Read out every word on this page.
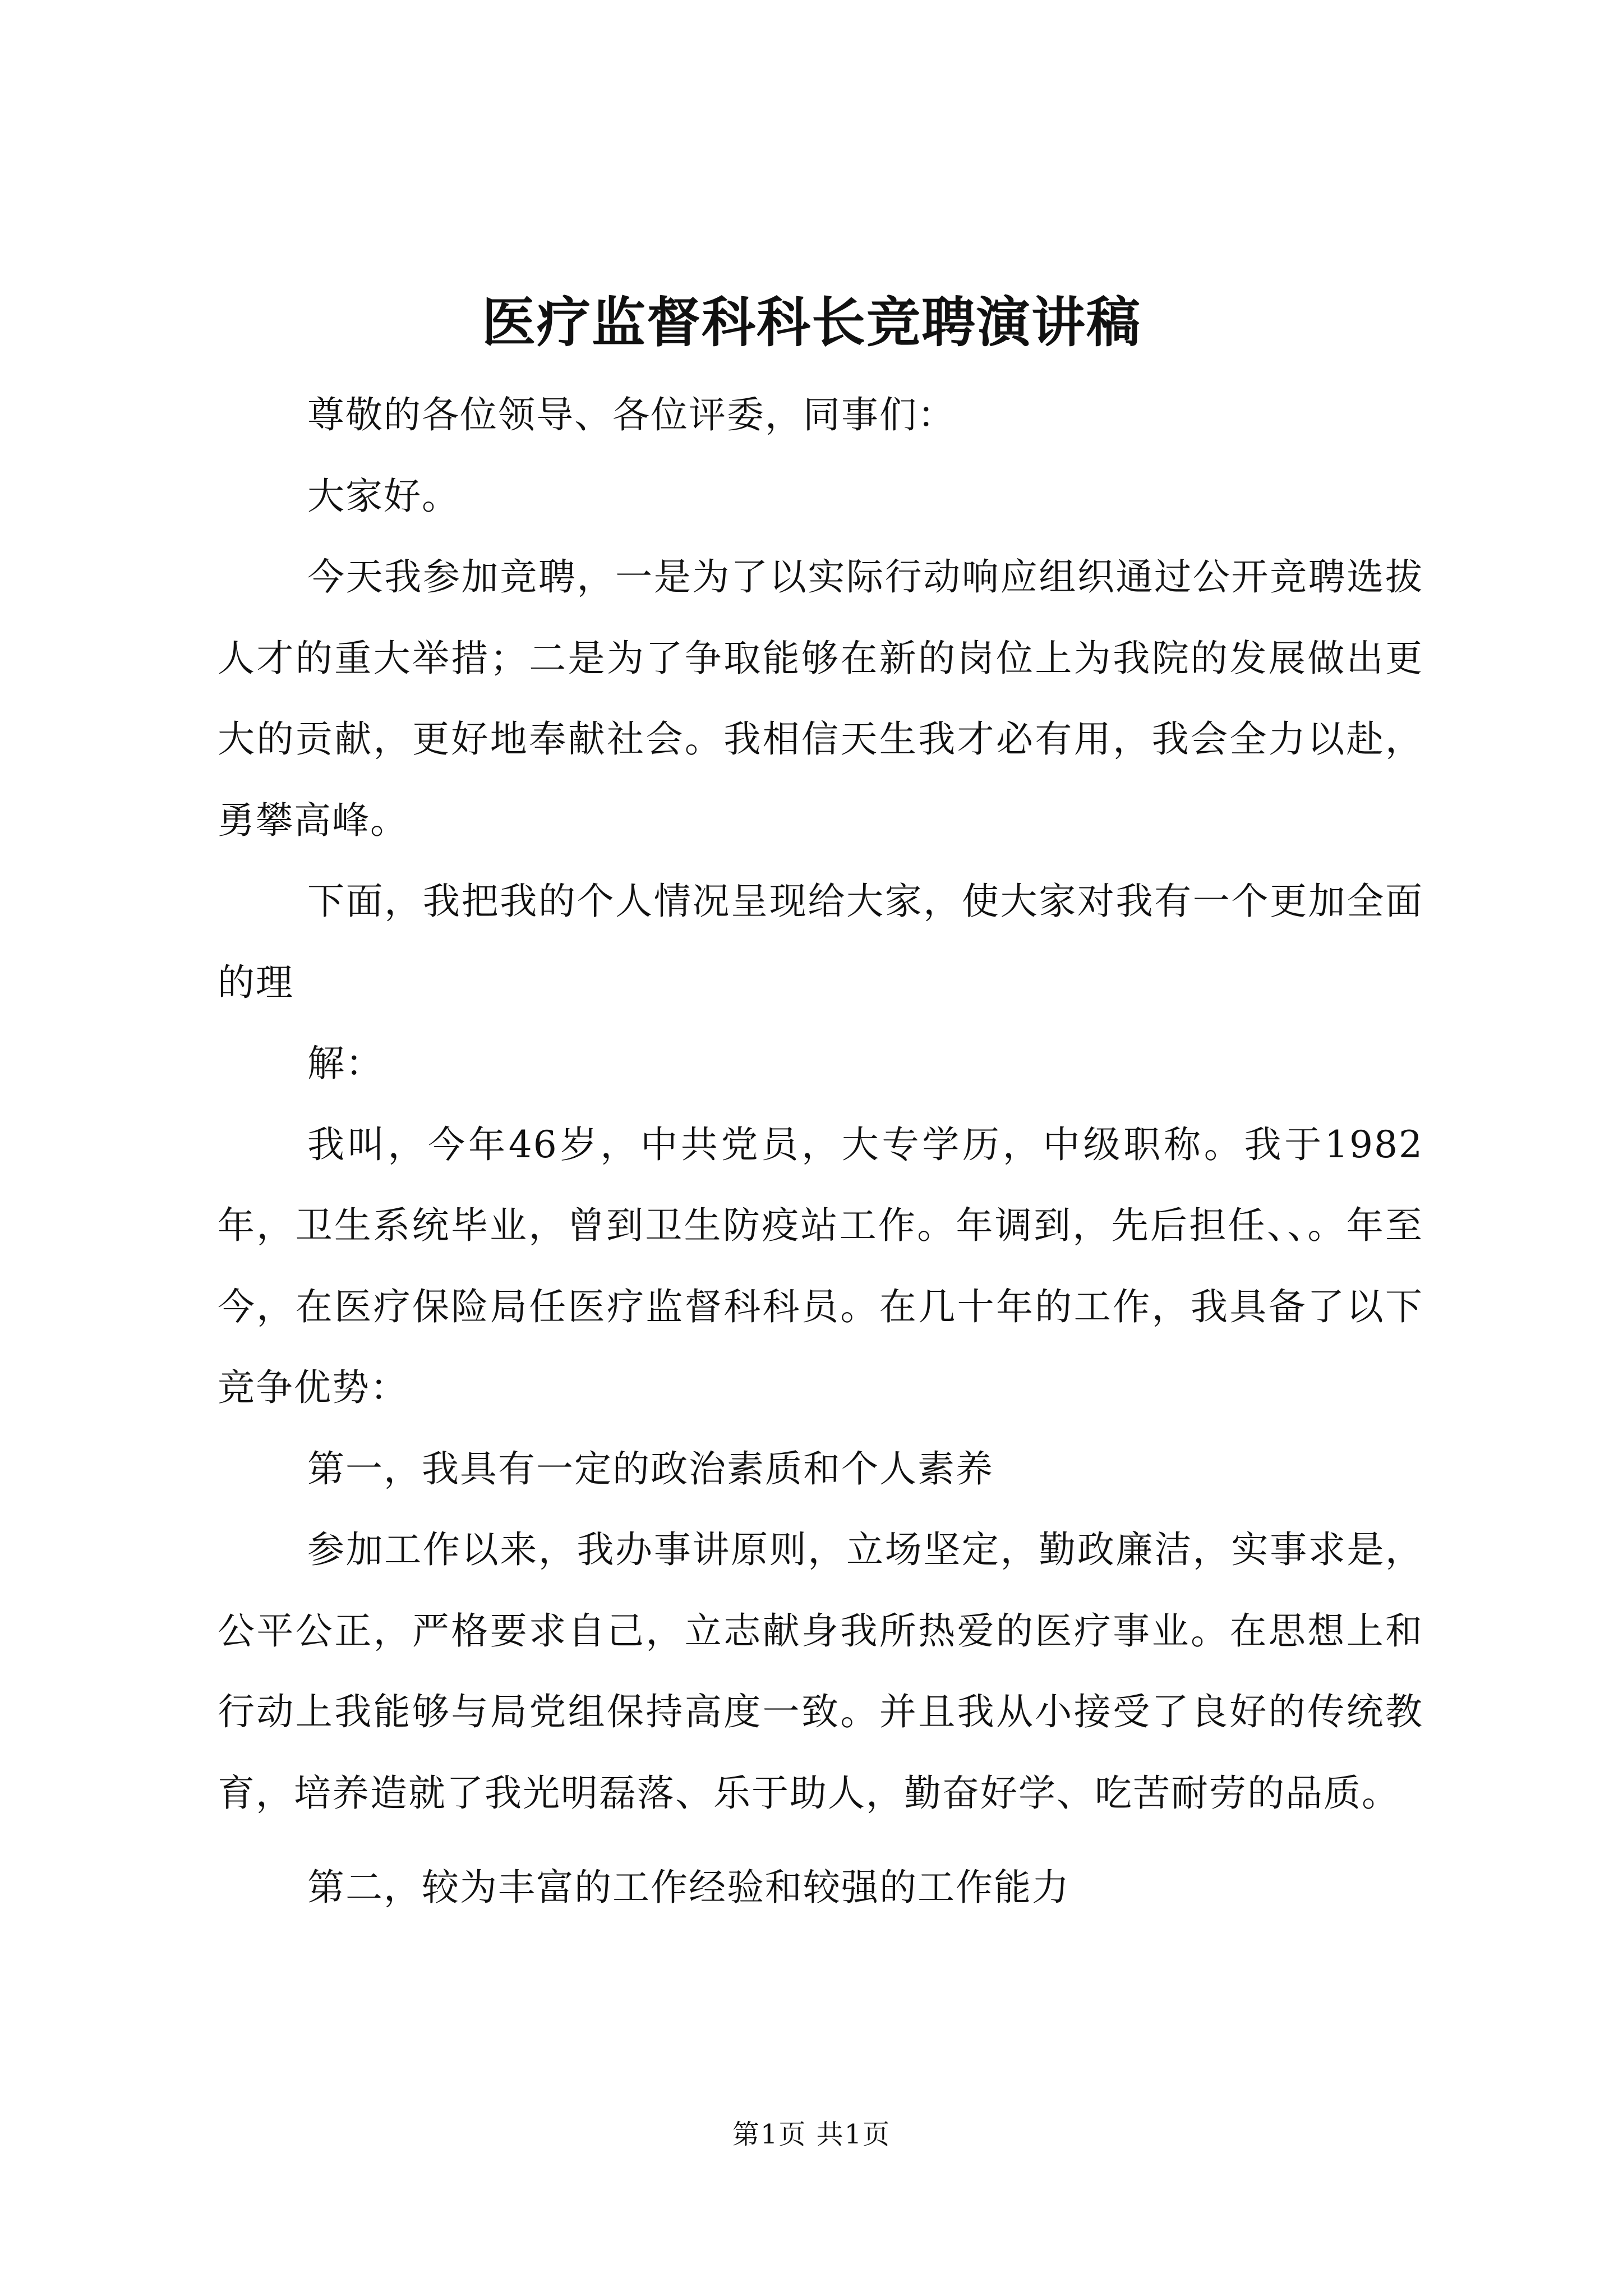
医疗监督科科长竞聘演讲稿

尊敬的各位领导、各位评委，同事们：

大家好。

今天我参加竞聘，一是为了以实际行动响应组织通过公开竞聘选拔人才的重大举措；二是为了争取能够在新的岗位上为我院的发展做出更大的贡献，更好地奉献社会。我相信天生我才必有用，我会全力以赴，勇攀高峰。

下面，我把我的个人情况呈现给大家，使大家对我有一个更加全面的理

解：

我叫，今年46岁，中共党员，大专学历，中级职称。我于1982年，卫生系统毕业，曾到卫生防疫站工作。年调到，先后担任、、。年至今，在医疗保险局任医疗监督科科员。在几十年的工作，我具备了以下竞争优势：

第一，我具有一定的政治素质和个人素养

参加工作以来，我办事讲原则，立场坚定，勤政廉洁，实事求是，公平公正，严格要求自己，立志献身我所热爱的医疗事业。在思想上和行动上我能够与局党组保持高度一致。并且我从小接受了良好的传统教育，培养造就了我光明磊落、乐于助人，勤奋好学、吃苦耐劳的品质。

第二，较为丰富的工作经验和较强的工作能力

第1页 共1页
